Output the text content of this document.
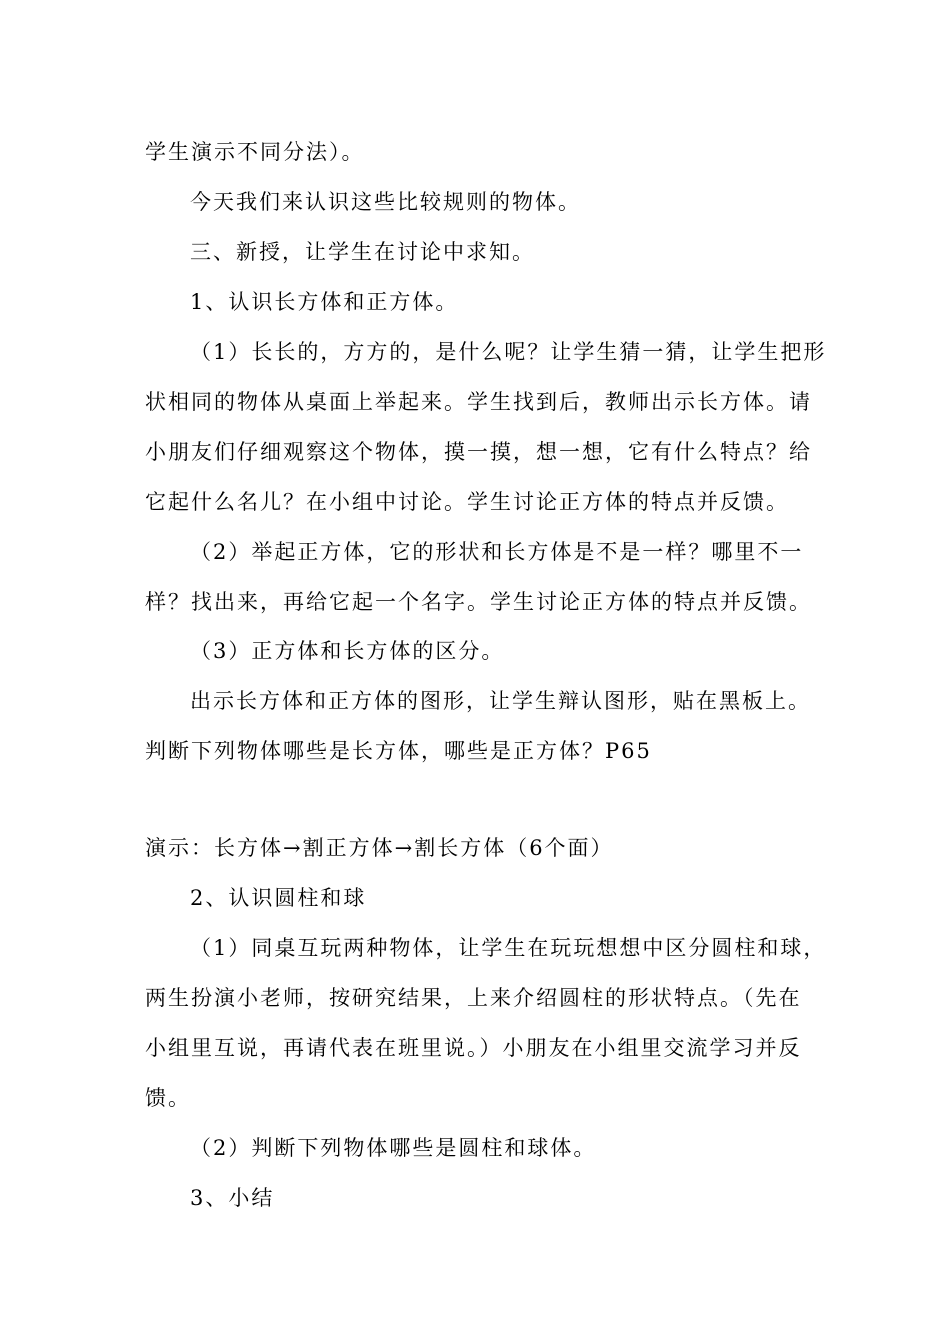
学生演示不同分法）。
今天我们来认识这些比较规则的物体。
三、新授，让学生在讨论中求知。
1、认识长方体和正方体。
（1）长长的，方方的，是什么呢？让学生猜一猜，让学生把形
状相同的物体从桌面上举起来。学生找到后，教师出示长方体。请
小朋友们仔细观察这个物体，摸一摸，想一想，它有什么特点？给
它起什么名儿？在小组中讨论。学生讨论正方体的特点并反馈。
（2）举起正方体，它的形状和长方体是不是一样？哪里不一
样？找出来，再给它起一个名字。学生讨论正方体的特点并反馈。
（3）正方体和长方体的区分。
出示长方体和正方体的图形，让学生辩认图形，贴在黑板上。
判断下列物体哪些是长方体，哪些是正方体？P65
演示：长方体→割正方体→割长方体（6个面）
2、认识圆柱和球
（1）同桌互玩两种物体，让学生在玩玩想想中区分圆柱和球，
两生扮演小老师，按研究结果，上来介绍圆柱的形状特点。（先在
小组里互说，再请代表在班里说。）小朋友在小组里交流学习并反
馈。
（2）判断下列物体哪些是圆柱和球体。
3、小结
